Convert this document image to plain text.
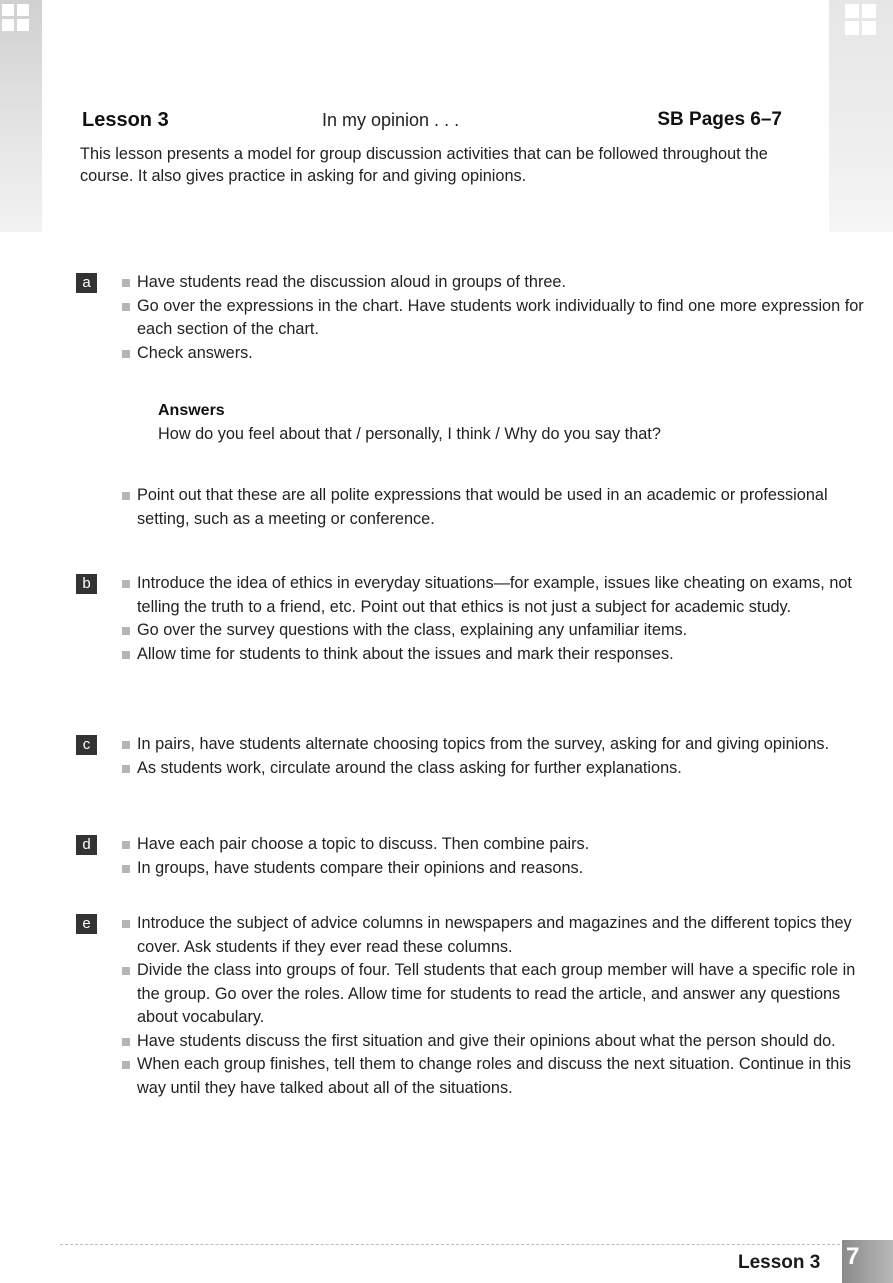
Lesson 3	In my opinion . . .	SB Pages 6–7
This lesson presents a model for group discussion activities that can be followed throughout the course. It also gives practice in asking for and giving opinions.
a	Have students read the discussion aloud in groups of three.
Go over the expressions in the chart. Have students work individually to find one more expression for each section of the chart.
Check answers.
Answers
How do you feel about that / personally, I think / Why do you say that?
Point out that these are all polite expressions that would be used in an academic or professional setting, such as a meeting or conference.
b	Introduce the idea of ethics in everyday situations—for example, issues like cheating on exams, not telling the truth to a friend, etc. Point out that ethics is not just a subject for academic study.
Go over the survey questions with the class, explaining any unfamiliar items.
Allow time for students to think about the issues and mark their responses.
c	In pairs, have students alternate choosing topics from the survey, asking for and giving opinions.
As students work, circulate around the class asking for further explanations.
d	Have each pair choose a topic to discuss. Then combine pairs.
In groups, have students compare their opinions and reasons.
e	Introduce the subject of advice columns in newspapers and magazines and the different topics they cover. Ask students if they ever read these columns.
Divide the class into groups of four. Tell students that each group member will have a specific role in the group. Go over the roles. Allow time for students to read the article, and answer any questions about vocabulary.
Have students discuss the first situation and give their opinions about what the person should do.
When each group finishes, tell them to change roles and discuss the next situation. Continue in this way until they have talked about all of the situations.
Lesson 3 7
